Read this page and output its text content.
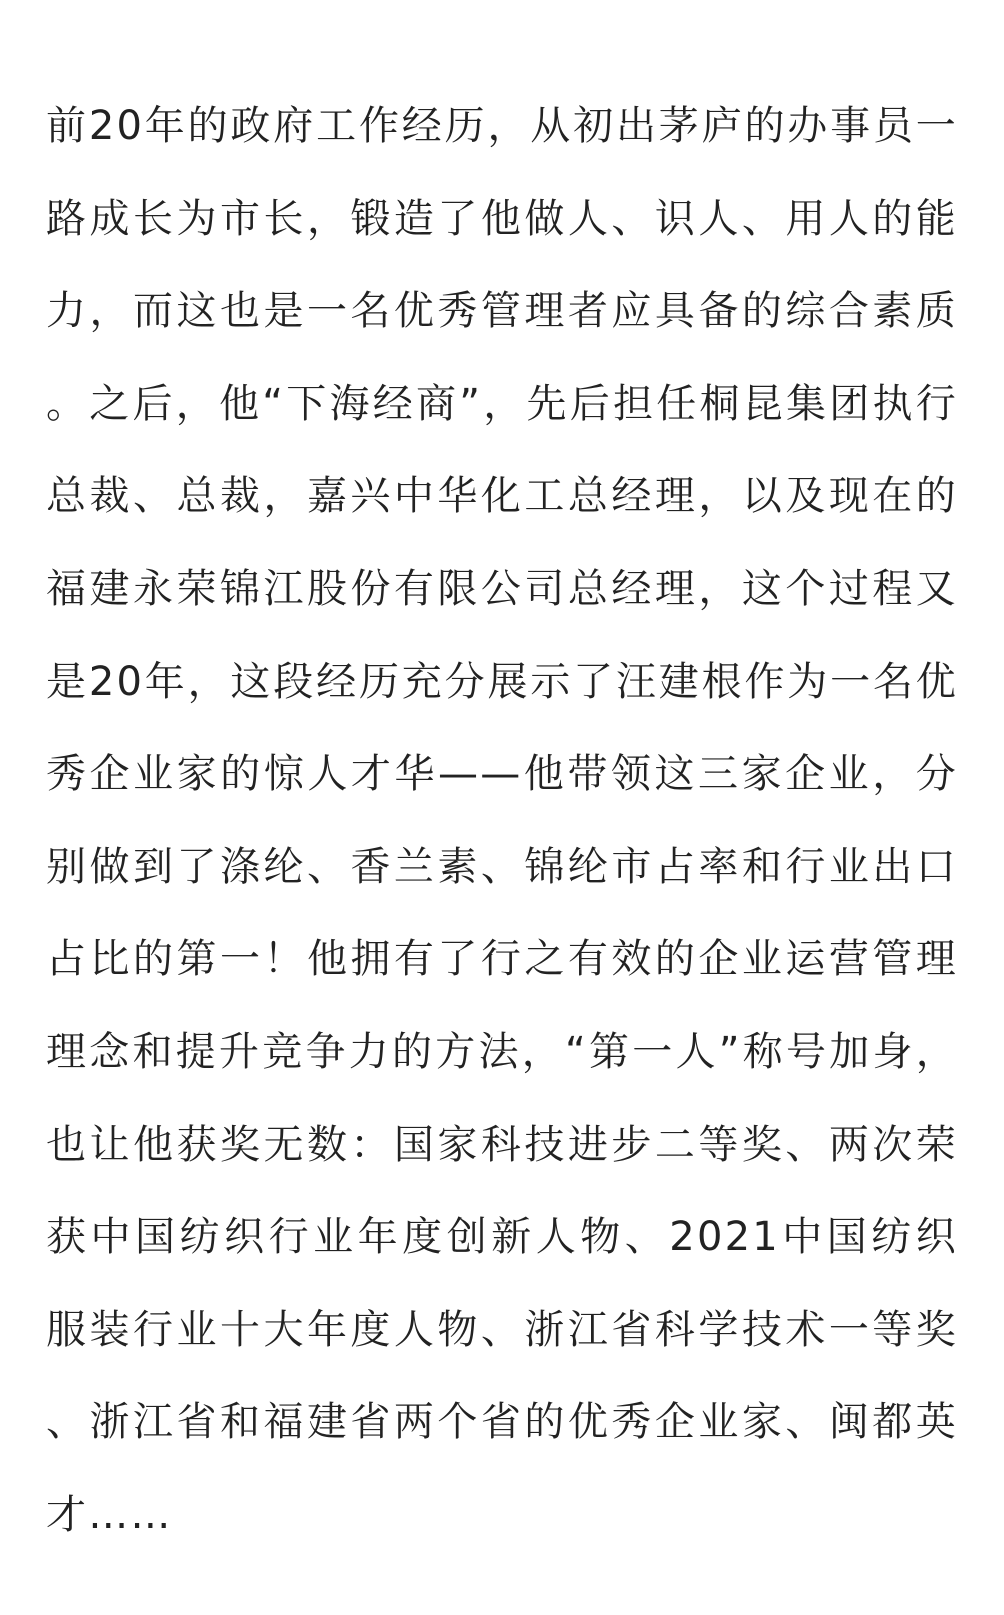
前20年的政府工作经历，从初出茅庐的办事员一路成长为市长，锻造了他做人、识人、用人的能力，而这也是一名优秀管理者应具备的综合素质。之后，他“下海经商”，先后担任桐昆集团执行总裁、总裁，嘉兴中华化工总经理，以及现在的福建永荣锦江股份有限公司总经理，这个过程又是20年，这段经历充分展示了汪建根作为一名优秀企业家的惊人才华——他带领这三家企业，分别做到了涤纶、香兰素、锦纶市占率和行业出口占比的第一！他拥有了行之有效的企业运营管理理念和提升竞争力的方法，“第一人”称号加身，也让他获奖无数：国家科技进步二等奖、两次荣获中国纺织行业年度创新人物、2021中国纺织服装行业十大年度人物、浙江省科学技术一等奖、浙江省和福建省两个省的优秀企业家、闽都英才……
